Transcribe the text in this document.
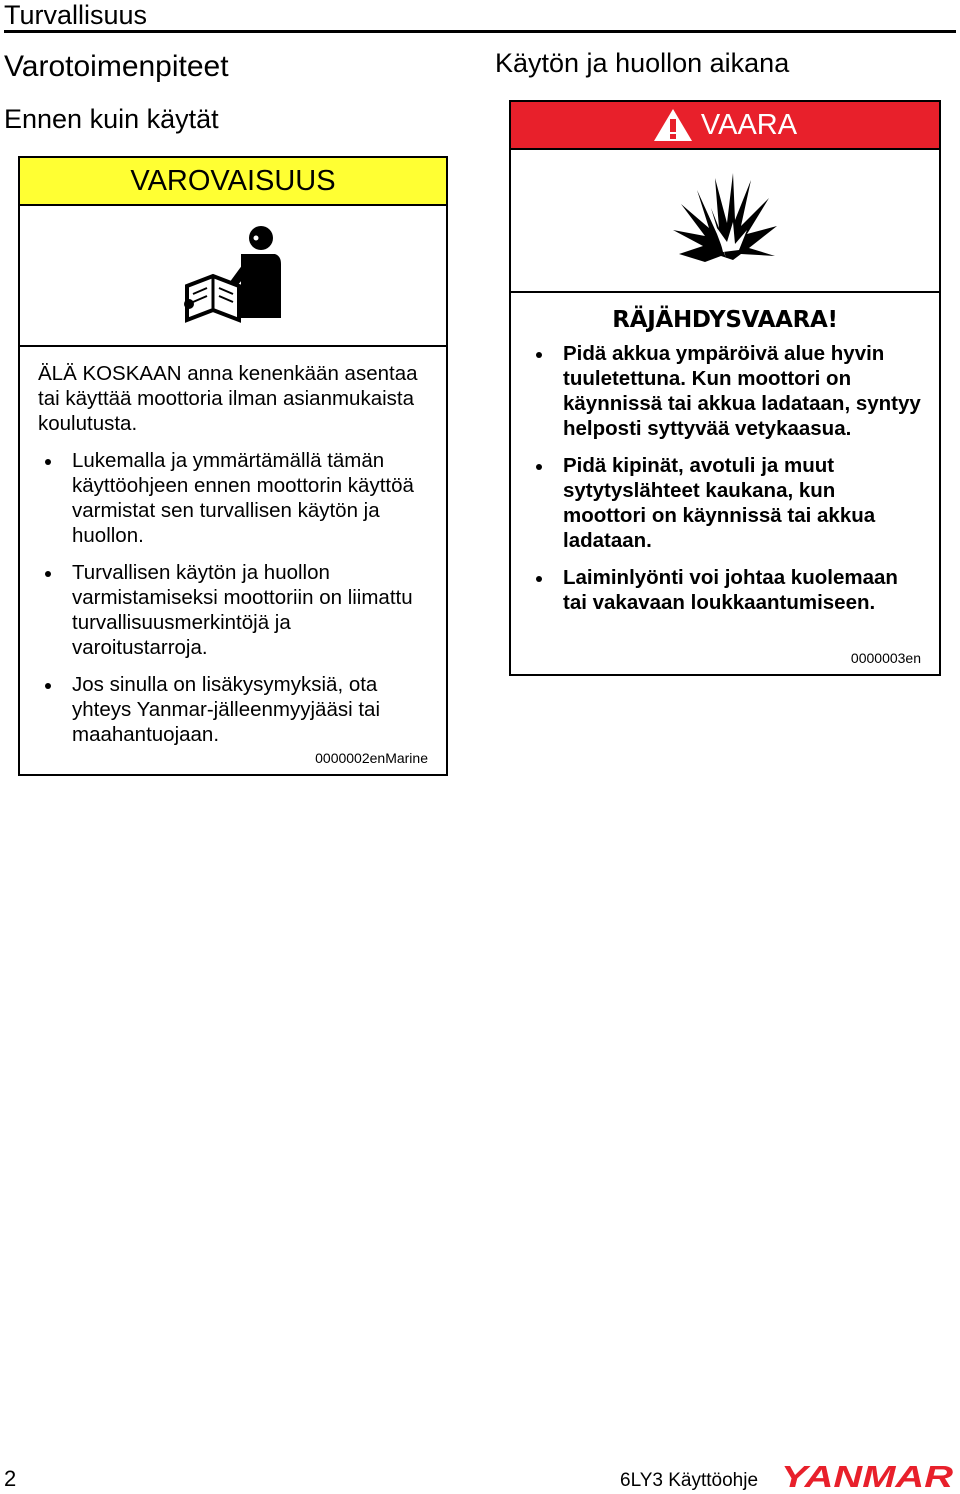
Turvallisuus
Varotoimenpiteet
Ennen kuin käytät
Käytön ja huollon aikana
VAROVAISUUS

ÄLÄ KOSKAAN anna kenenkään asentaa tai käyttää moottoria ilman asianmukaista koulutusta.

Lukemalla ja ymmärtämällä tämän käyttöohjeen ennen moottorin käyttöä varmistat sen turvallisen käytön ja huollon.
Turvallisen käytön ja huollon varmistamiseksi moottoriin on liimattu turvallisuusmerkintöjä ja varoitustarroja.
Jos sinulla on lisäkysymyksiä, ota yhteys Yanmar-jälleenmyyjääsi tai maahantuojaan.
0000002enMarine
VAARA
RÄJÄHDYSVAARA!
Pidä akkua ympäröivä alue hyvin tuuletettuna. Kun moottori on käynnissä tai akkua ladataan, syntyy helposti syttyvää vetykaasua.
Pidä kipinät, avotuli ja muut sytytyslähteet kaukana, kun moottori on käynnissä tai akkua ladataan.
Laiminlyönti voi johtaa kuolemaan tai vakavaan loukkaantumiseen.
0000003en
2	6LY3 Käyttöohje YANMAR
